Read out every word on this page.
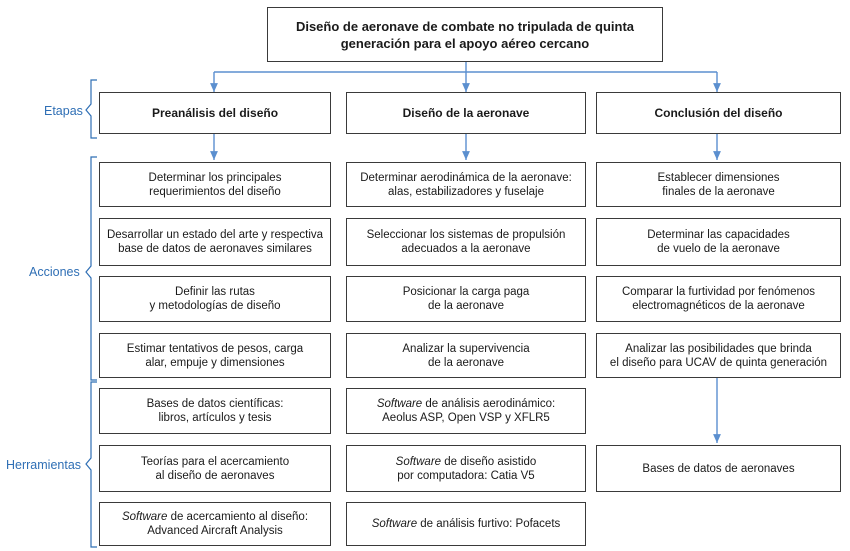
Etapas
Acciones
Herramientas
Diseño de aeronave de combate no tripulada de quinta
generación para el apoyo aéreo cercano
Preanálisis del diseño	Diseño de la aeronave	Conclusión del diseño
Determinar los principales
requerimientos del diseño
Desarrollar un estado del arte y respectiva
base de datos de aeronaves similares
Definir las rutas
y metodologías de diseño
Estimar tentativos de pesos, carga
alar, empuje y dimensiones
Determinar aerodinámica de la aeronave:
alas, estabilizadores y fuselaje
Seleccionar los sistemas de propulsión
adecuados a la aeronave
Posicionar la carga paga
de la aeronave
Analizar la supervivencia
de la aeronave
Establecer dimensiones
finales de la aeronave
Determinar las capacidades
de vuelo de la aeronave
Comparar la furtividad por fenómenos
electromagnéticos de la aeronave
Analizar las posibilidades que brinda
el diseño para UCAV de quinta generación
Bases de datos científicas:
libros, artículos y tesis
Teorías para el acercamiento
al diseño de aeronaves
Software de acercamiento al diseño:
Advanced Aircraft Analysis
Software de análisis aerodinámico:
Aeolus ASP, Open VSP y XFLR5
Software de diseño asistido
por computadora: Catia V5
Software de análisis furtivo: Pofacets
Bases de datos de aeronaves
